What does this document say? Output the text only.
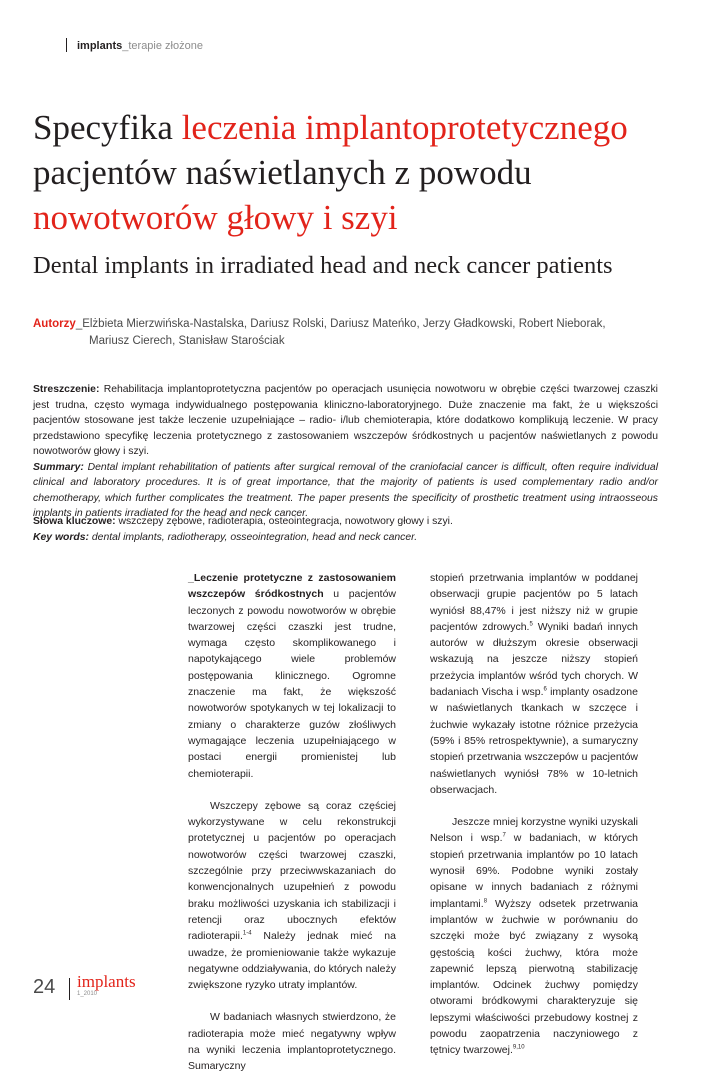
implants_terapie złożone
Specyfika leczenia implantoprotetycznego
pacjentów naświetlanych z powodu
nowotworów głowy i szyi
Dental implants in irradiated head and neck cancer patients
Autorzy_Elżbieta Mierzwińska-Nastalska, Dariusz Rolski, Dariusz Mateńko, Jerzy Gładkowski, Robert Nieborak,
Mariusz Cierech, Stanisław Starościak

Streszczenie: Rehabilitacja implantoprotetyczna pacjentów po operacjach usunięcia nowotworu w obrębie części twarzowej czaszki jest trudna, często wymaga indywidualnego postępowania kliniczno-laboratoryjnego. Duże znaczenie ma fakt, że u większości pacjentów stosowane jest także leczenie uzupełniające – radio- i/lub chemioterapia, które dodatkowo komplikują leczenie. W pracy przedstawiono specyfikę leczenia protetycznego z zastosowaniem wszczepów śródkostnych u pacjentów naświetlanych z powodu nowotworów głowy i szyi.

Summary: Dental implant rehabilitation of patients after surgical removal of the craniofacial cancer is difficult, often require individual clinical and laboratory procedures. It is of great importance, that the majority of patients is used complementary radio and/or chemotherapy, which further complicates the treatment. The paper presents the specificity of prosthetic treatment using intraosseous implants in patients irradiated for the head and neck cancer.

Słowa kluczowe: wszczepy zębowe, radioterapia, osteointegracja, nowotwory głowy i szyi.

Key words: dental implants, radiotherapy, osseointegration, head and neck cancer.

_Leczenie protetyczne z zastosowaniem wszczepów śródkostnych u pacjentów leczonych z powodu nowotworów w obrębie twarzowej części czaszki jest trudne, wymaga często skomplikowanego i napotykającego wiele problemów postępowania klinicznego. Ogromne znaczenie ma fakt, że większość nowotworów spotykanych w tej lokalizacji to zmiany o charakterze guzów złośliwych wymagające leczenia uzupełniającego w postaci energii promienistej lub chemioterapii.

Wszczepy zębowe są coraz częściej wykorzystywane w celu rekonstrukcji protetycznej u pacjentów po operacjach nowotworów części twarzowej czaszki, szczególnie przy przeciwwskazaniach do konwencjonalnych uzupełnień z powodu braku możliwości uzyskania ich stabilizacji i retencji oraz ubocznych efektów radioterapii.$^{1-4}$ Należy jednak mieć na uwadze, że promieniowanie także wykazuje negatywne oddziaływania, do których należy zwiększone ryzyko utraty implantów.

W badaniach własnych stwierdzono, że radioterapia może mieć negatywny wpływ na wyniki leczenia implantoprotetycznego. Sumaryczny

stopień przetrwania implantów w poddanej obserwacji grupie pacjentów po 5 latach wyniósł 88,47% i jest niższy niż w grupie pacjentów zdrowych.$^5$ Wyniki badań innych autorów w dłuższym okresie obserwacji wskazują na jeszcze niższy stopień przeżycia implantów wśród tych chorych. W badaniach Vischa i wsp.$^6$ implanty osadzone w naświetlanych tkankach w szczęce i żuchwie wykazały istotne różnice przeżycia (59% i 85% retrospektywnie), a sumaryczny stopień przetrwania wszczepów u pacjentów naświetlanych wyniósł 78% w 10-letnich obserwacjach.

Jeszcze mniej korzystne wyniki uzyskali Nelson i wsp.$^7$ w badaniach, w których stopień przetrwania implantów po 10 latach wynosił 69%. Podobne wyniki zostały opisane w innych badaniach z różnymi implantami.$^8$ Wyższy odsetek przetrwania implantów w żuchwie w porównaniu do szczęki może być związany z wysoką gęstością kości żuchwy, która może zapewnić lepszą pierwotną stabilizację implantów. Odcinek żuchwy pomiędzy otworami bródkowymi charakteryzuje się lepszymi właściwości przebudowy kostnej z powodu zaopatrzenia naczyniowego z tętnicy twarzowej.$^{9,10}$

24 implants
1_2010
